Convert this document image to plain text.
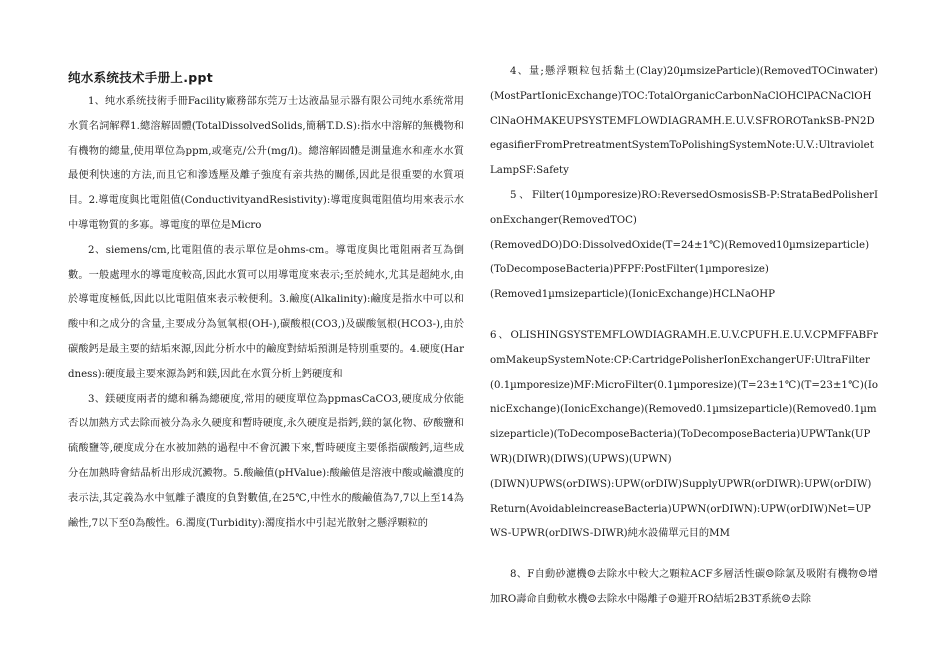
纯水系统技术手册上.ppt

1、纯水系统技術手冊Facility廠務部东莞万士达液晶显示器有限公司纯水系统常用水質名詞解釋1.總溶解固體(TotalDissolvedSolids,簡稱T.D.S):指水中溶解的無機物和有機物的總量,使用單位為ppm,或毫克/公升(mg/l)。總溶解固體是測量進水和產水水質最便利快速的方法,而且它和滲透壓及離子強度有亲共热的關係,因此是很重要的水質項目。2.導電度與比電阻值(ConductivityandResistivity):導電度與電阻值均用來表示水中導電物質的多寡。導電度的單位是Micro

2、siemens/cm,比電阻值的表示單位是ohms-cm。導電度與比電阻兩者互為倒數。一般處理水的導電度較高,因此水質可以用導電度來表示;至於純水,尤其是超純水,由於導電度極低,因此以比電阻值來表示較便利。3.鹼度(Alkalinity):鹼度是指水中可以和酸中和之成分的含量,主要成分為氫氧根(OH-),碳酸根(CO3,)及碳酸氫根(HCO3-),由於碳酸鈣是最主要的結垢來源,因此分析水中的鹼度對結垢預測是特別重要的。4.硬度(Hardness):硬度最主要來源為鈣和鎂,因此在水質分析上鈣硬度和

3、鎂硬度兩者的總和稱為總硬度,常用的硬度單位為ppmasCaCO3,硬度成分依能否以加熱方式去除而被分為永久硬度和暫時硬度,永久硬度是指鈣,鎂的氯化物、矽酸鹽和硫酸鹽等,硬度成分在水被加熱的過程中不會沉澱下來,暫時硬度主要係指碳酸鈣,這些成分在加熱時會結晶析出形成沉澱物。5.酸鹼值(pHValue):酸鹼值是溶液中酸或鹼濃度的表示法,其定義為水中氫離子濃度的負對數值,在25℃,中性水的酸鹼值為7,7以上至14為鹼性,7以下至0為酸性。6.濁度(Turbidity):濁度指水中引起光散射之懸浮顆粒的

4、量;懸浮顆粒包括黏土(Clay)20µmsizeParticle)(RemovedTOCinwater)(MostPartIonicExchange)TOC:TotalOrganicCarbonNaClOHClPACNaClOHClNaOHMAKEUPSYSTEMFLOWDIAGRAMH.E.U.V.SFROROTankSB-PN2DegasifierFromPretreatmentSystemToPolishingSystemNote:U.V.:UltravioletLampSF:Safety

5、Filter(10µmporesize)RO:ReversedOsmosisSB-P:StrataBedPolisherIonExchanger(RemovedTOC)

(RemovedDO)DO:DissolvedOxide(T=24±1℃)(Removed10µmsizeparticle)

(ToDecomposeBacteria)PFPF:PostFilter(1µmporesize)

(Removed1µmsizeparticle)(IonicExchange)HCLNaOHP

6、OLISHINGSYSTEMFLOWDIAGRAMH.E.U.V.CPUFH.E.U.V.CPMFFABFromMakeupSystemNote:CP:CartridgePolisherIonExchangerUF:UltraFilter(0.1µmporesize)MF:MicroFilter(0.1µmporesize)(T=23±1℃)(T=23±1℃)(IonicExchange)(IonicExchange)(Removed0.1µmsizeparticle)(Removed0.1µmsizeparticle)(ToDecomposeBacteria)(ToDecomposeBacteria)UPWTank(UPWR)(DIWR)(DIWS)(UPWS)(UPWN)

(DIWN)UPWS(orDIWS):UPW(orDIW)SupplyUPWR(orDIWR):UPW(orDIW)Return(AvoidableincreaseBacteria)UPWN(orDIWN):UPW(orDIW)Net=UPWS-UPWR(orDIWS-DIWR)純水設備單元目的MM

8、F自動砂濾機☺去除水中較大之顆粒ACF多層活性碳☺除氯及吸附有機物☺增加RO壽命自動軟水機☺去除水中陽離子☺避开RO結垢2B3T系統☺去除
